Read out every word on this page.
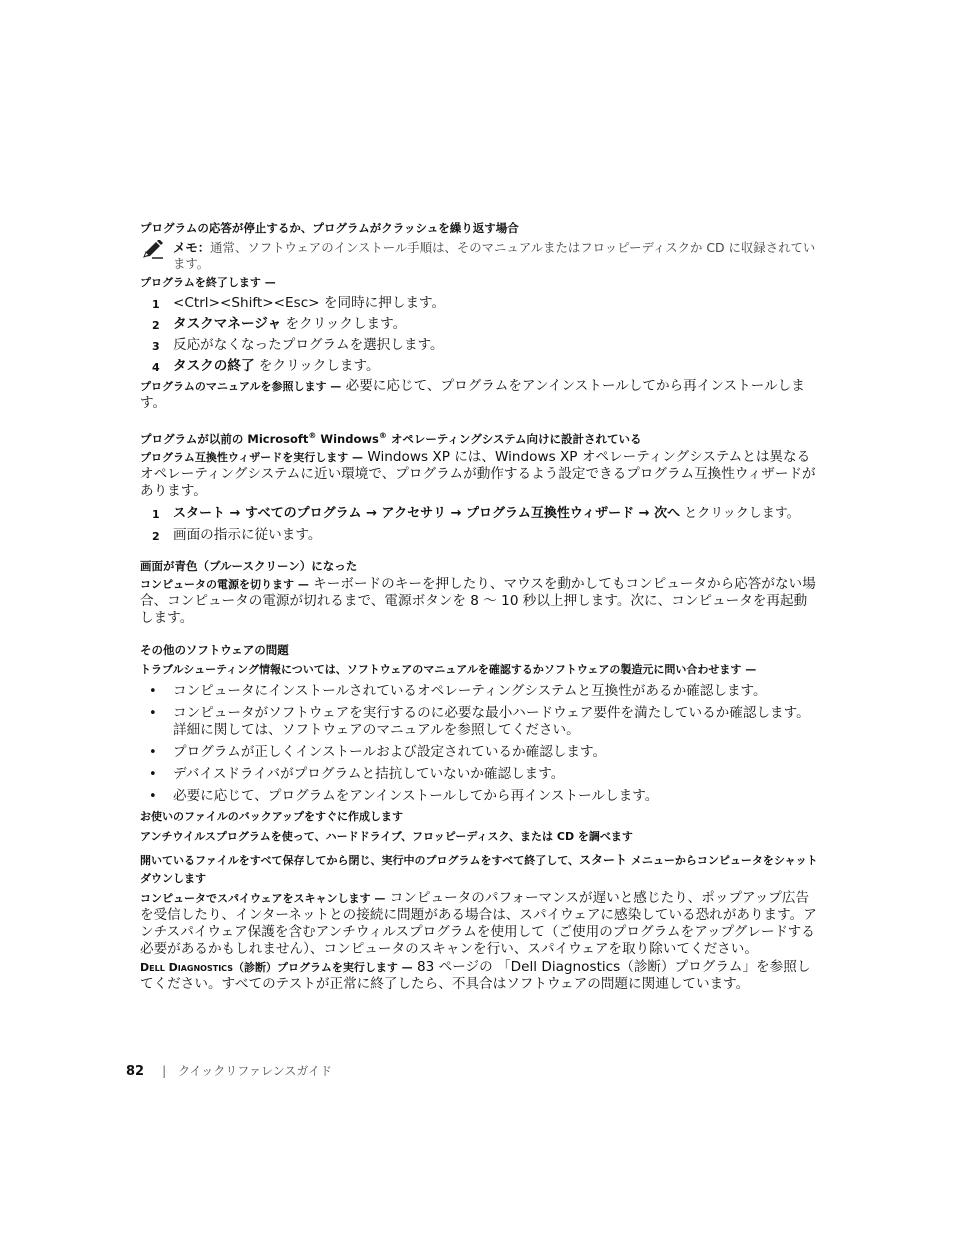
プログラムの応答が停止するか、プログラムがクラッシュを繰り返す場合

メモ：通常、ソフトウェアのインストール手順は、そのマニュアルまたはフロッピーディスクか CD に収録されています。

プログラムを終了します —

1 <Ctrl><Shift><Esc> を同時に押します。
2 タスクマネージャ をクリックします。
3 反応がなくなったプログラムを選択します。
4 タスクの終了 をクリックします。

プログラムのマニュアルを参照します — 必要に応じて、プログラムをアンインストールしてから再インストールします。

プログラムが以前の Microsoft® Windows® オペレーティングシステム向けに設計されている

プログラム互換性ウィザードを実行します — Windows XP には、Windows XP オペレーティングシステムとは異なるオペレーティングシステムに近い環境で、プログラムが動作するよう設定できるプログラム互換性ウィザードがあります。

1 スタート → すべてのプログラム → アクセサリ → プログラム互換性ウィザード → 次へ とクリックします。
2 画面の指示に従います。

画面が青色（ブルースクリーン）になった

コンピュータの電源を切ります — キーボードのキーを押したり、マウスを動かしてもコンピュータから応答がない場合、コンピュータの電源が切れるまで、電源ボタンを 8 ～ 10 秒以上押します。次に、コンピュータを再起動します。

その他のソフトウェアの問題

トラブルシューティング情報については、ソフトウェアのマニュアルを確認するかソフトウェアの製造元に問い合わせます —

• コンピュータにインストールされているオペレーティングシステムと互換性があるか確認します。
• コンピュータがソフトウェアを実行するのに必要な最小ハードウェア要件を満たしているか確認します。詳細に関しては、ソフトウェアのマニュアルを参照してください。
• プログラムが正しくインストールおよび設定されているか確認します。
• デバイスドライバがプログラムと拮抗していないか確認します。
• 必要に応じて、プログラムをアンインストールしてから再インストールします。

お使いのファイルのバックアップをすぐに作成します

アンチウイルスプログラムを使って、ハードドライブ、フロッピーディスク、または CD を調べます

開いているファイルをすべて保存してから閉じ、実行中のプログラムをすべて終了して、スタート メニューからコンピュータをシャットダウンします

コンピュータでスパイウェアをスキャンします — コンピュータのパフォーマンスが遅いと感じたり、ポップアップ広告を受信したり、インターネットとの接続に問題がある場合は、スパイウェアに感染している恐れがあります。アンチスパイウェア保護を含むアンチウィルスプログラムを使用して（ご使用のプログラムをアップグレードする必要があるかもしれません）、コンピュータのスキャンを行い、スパイウェアを取り除いてください。

Dell Diagnostics（診断）プログラムを実行します — 83 ページの 「Dell Diagnostics（診断）プログラム」を参照してください。すべてのテストが正常に終了したら、不具合はソフトウェアの問題に関連しています。

82 | クイックリファレンスガイド
